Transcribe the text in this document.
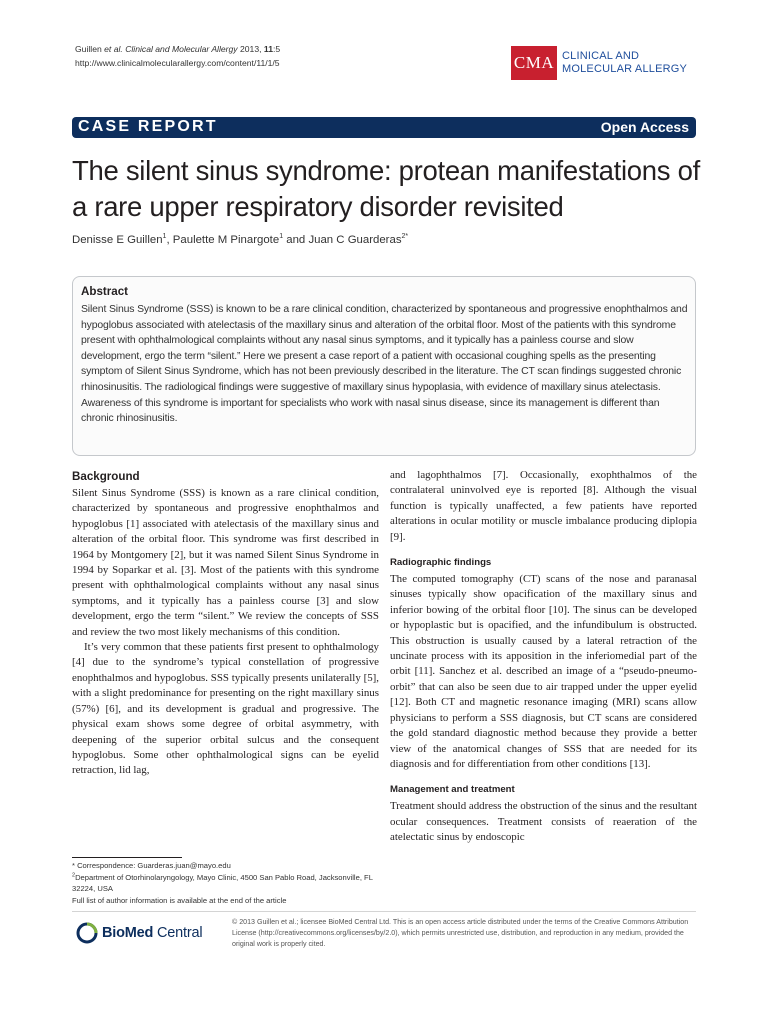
Guillen et al. Clinical and Molecular Allergy 2013, 11:5
http://www.clinicalmolecularallergy.com/content/11/1/5	CMA CLINICAL AND
MOLECULAR ALLERGY
CASE REPORT	Open Access
The silent sinus syndrome: protean manifestations of a rare upper respiratory disorder revisited
Denisse E Guillen$^1$, Paulette M Pinargote$^1$ and Juan C Guarderas$^{2*}$
Abstract
Silent Sinus Syndrome (SSS) is known to be a rare clinical condition, characterized by spontaneous and progressive enophthalmos and hypoglobus associated with atelectasis of the maxillary sinus and alteration of the orbital floor. Most of the patients with this syndrome present with ophthalmological complaints without any nasal sinus symptoms, and it typically has a painless course and slow development, ergo the term “silent.” Here we present a case report of a patient with occasional coughing spells as the presenting symptom of Silent Sinus Syndrome, which has not been previously described in the literature. The CT scan findings suggested chronic rhinosinusitis. The radiological findings were suggestive of maxillary sinus hypoplasia, with evidence of maxillary sinus atelectasis. Awareness of this syndrome is important for specialists who work with nasal sinus disease, since its management is different than chronic rhinosinusitis.
Background

Silent Sinus Syndrome (SSS) is known as a rare clinical condition, characterized by spontaneous and progressive enophthalmos and hypoglobus [1] associated with atelectasis of the maxillary sinus and alteration of the orbital floor. This syndrome was first described in 1964 by Montgomery [2], but it was named Silent Sinus Syndrome in 1994 by Soparkar et al. [3]. Most of the patients with this syndrome present with ophthalmological complaints without any nasal sinus symptoms, and it typically has a painless course [3] and slow development, ergo the term “silent.” We review the concepts of SSS and review the two most likely mechanisms of this condition.

It’s very common that these patients first present to ophthalmology [4] due to the syndrome’s typical constellation of progressive enophthalmos and hypoglobus. SSS typically presents unilaterally [5], with a slight predominance for presenting on the right maxillary sinus (57%) [6], and its development is gradual and progressive. The physical exam shows some degree of orbital asymmetry, with deepening of the superior orbital sulcus and the consequent hypoglobus. Some other ophthalmological signs can be eyelid retraction, lid lag,

and lagophthalmos [7]. Occasionally, exophthalmos of the contralateral uninvolved eye is reported [8]. Although the visual function is typically unaffected, a few patients have reported alterations in ocular motility or muscle imbalance producing diplopia [9].

Radiographic findings

The computed tomography (CT) scans of the nose and paranasal sinuses typically show opacification of the maxillary sinus and inferior bowing of the orbital floor [10]. The sinus can be developed or hypoplastic but is opacified, and the infundibulum is obstructed. This obstruction is usually caused by a lateral retraction of the uncinate process with its apposition in the inferiomedial part of the orbit [11]. Sanchez et al. described an image of a “pseudo-pneumo-orbit” that can also be seen due to air trapped under the upper eyelid [12]. Both CT and magnetic resonance imaging (MRI) scans allow physicians to perform a SSS diagnosis, but CT scans are considered the gold standard diagnostic method because they provide a better view of the anatomical changes of SSS that are needed for its diagnosis and for differentiation from other conditions [13].

Management and treatment

Treatment should address the obstruction of the sinus and the resultant ocular consequences. Treatment consists of reaeration of the atelectatic sinus by endoscopic

* Correspondence: Guarderas.juan@mayo.edu
$^2$Department of Otorhinolaryngology, Mayo Clinic, 4500 San Pablo Road, Jacksonville, FL 32224, USA
Full list of author information is available at the end of the article
BioMed Central
© 2013 Guillen et al.; licensee BioMed Central Ltd. This is an open access article distributed under the terms of the Creative Commons Attribution License (http://creativecommons.org/licenses/by/2.0), which permits unrestricted use, distribution, and reproduction in any medium, provided the original work is properly cited.
